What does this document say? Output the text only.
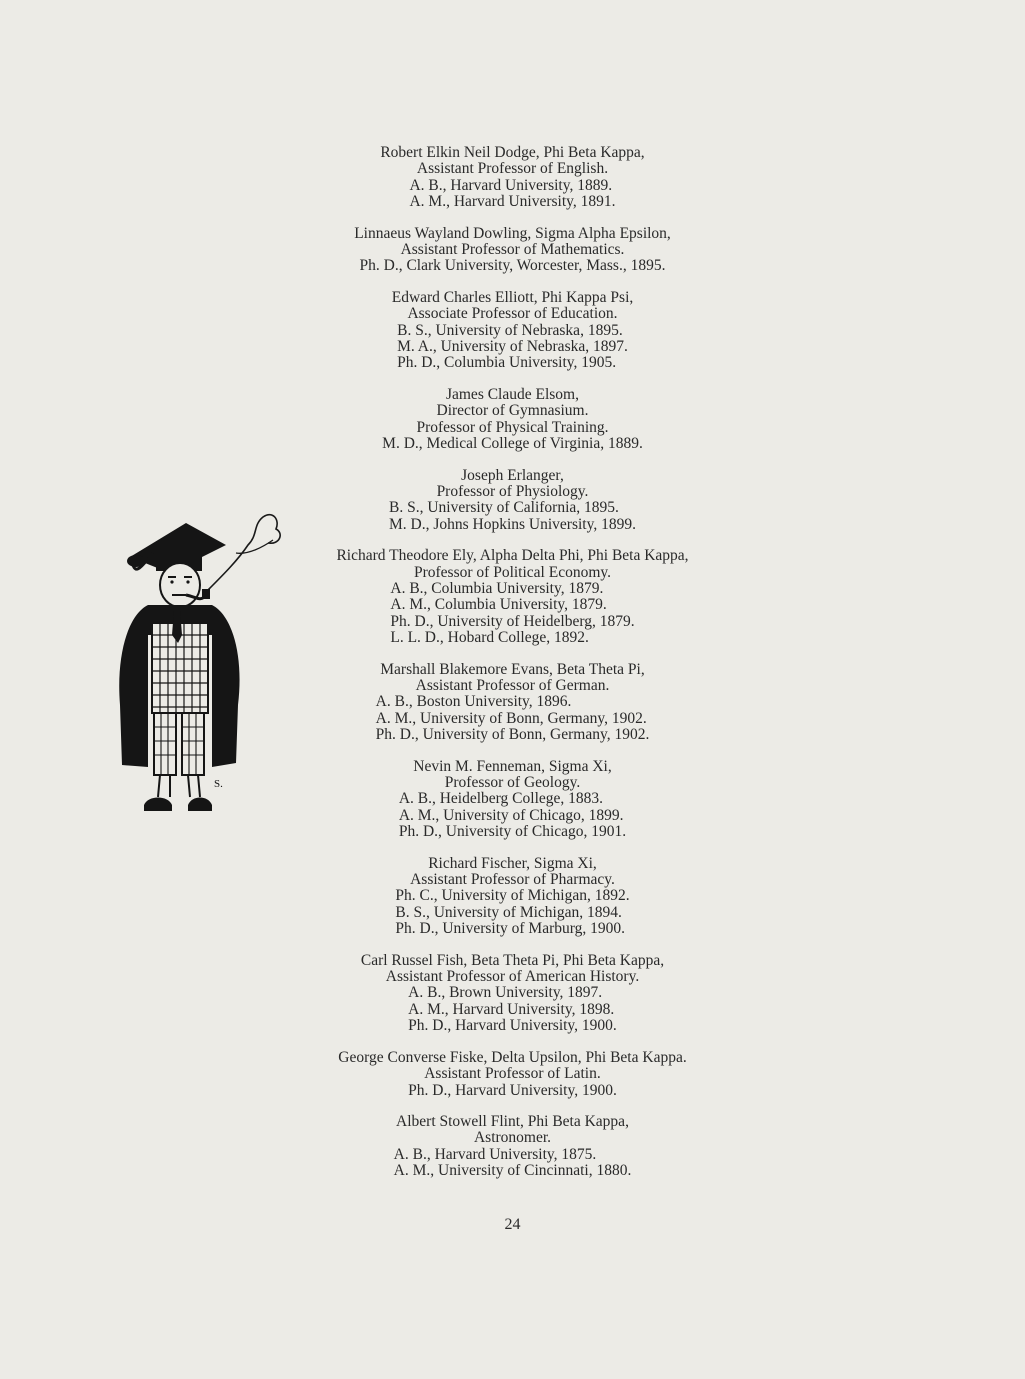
S.
Robert Elkin Neil Dodge, Phi Beta Kappa,
Assistant Professor of English.
A. B., Harvard University, 1889.
A. M., Harvard University, 1891.
Linnaeus Wayland Dowling, Sigma Alpha Epsilon,
Assistant Professor of Mathematics.
Ph. D., Clark University, Worcester, Mass., 1895.
Edward Charles Elliott, Phi Kappa Psi,
Associate Professor of Education.
B. S., University of Nebraska, 1895.
M. A., University of Nebraska, 1897.
Ph. D., Columbia University, 1905.
James Claude Elsom,
Director of Gymnasium.
Professor of Physical Training.
M. D., Medical College of Virginia, 1889.
Joseph Erlanger,
Professor of Physiology.
B. S., University of California, 1895.
M. D., Johns Hopkins University, 1899.
Richard Theodore Ely, Alpha Delta Phi, Phi Beta Kappa,
Professor of Political Economy.
A. B., Columbia University, 1879.
A. M., Columbia University, 1879.
Ph. D., University of Heidelberg, 1879.
L. L. D., Hobard College, 1892.
Marshall Blakemore Evans, Beta Theta Pi,
Assistant Professor of German.
A. B., Boston University, 1896.
A. M., University of Bonn, Germany, 1902.
Ph. D., University of Bonn, Germany, 1902.
Nevin M. Fenneman, Sigma Xi,
Professor of Geology.
A. B., Heidelberg College, 1883.
A. M., University of Chicago, 1899.
Ph. D., University of Chicago, 1901.
Richard Fischer, Sigma Xi,
Assistant Professor of Pharmacy.
Ph. C., University of Michigan, 1892.
B. S., University of Michigan, 1894.
Ph. D., University of Marburg, 1900.
Carl Russel Fish, Beta Theta Pi, Phi Beta Kappa,
Assistant Professor of American History.
A. B., Brown University, 1897.
A. M., Harvard University, 1898.
Ph. D., Harvard University, 1900.
George Converse Fiske, Delta Upsilon, Phi Beta Kappa.
Assistant Professor of Latin.
Ph. D., Harvard University, 1900.
Albert Stowell Flint, Phi Beta Kappa,
Astronomer.
A. B., Harvard University, 1875.
A. M., University of Cincinnati, 1880.
24
